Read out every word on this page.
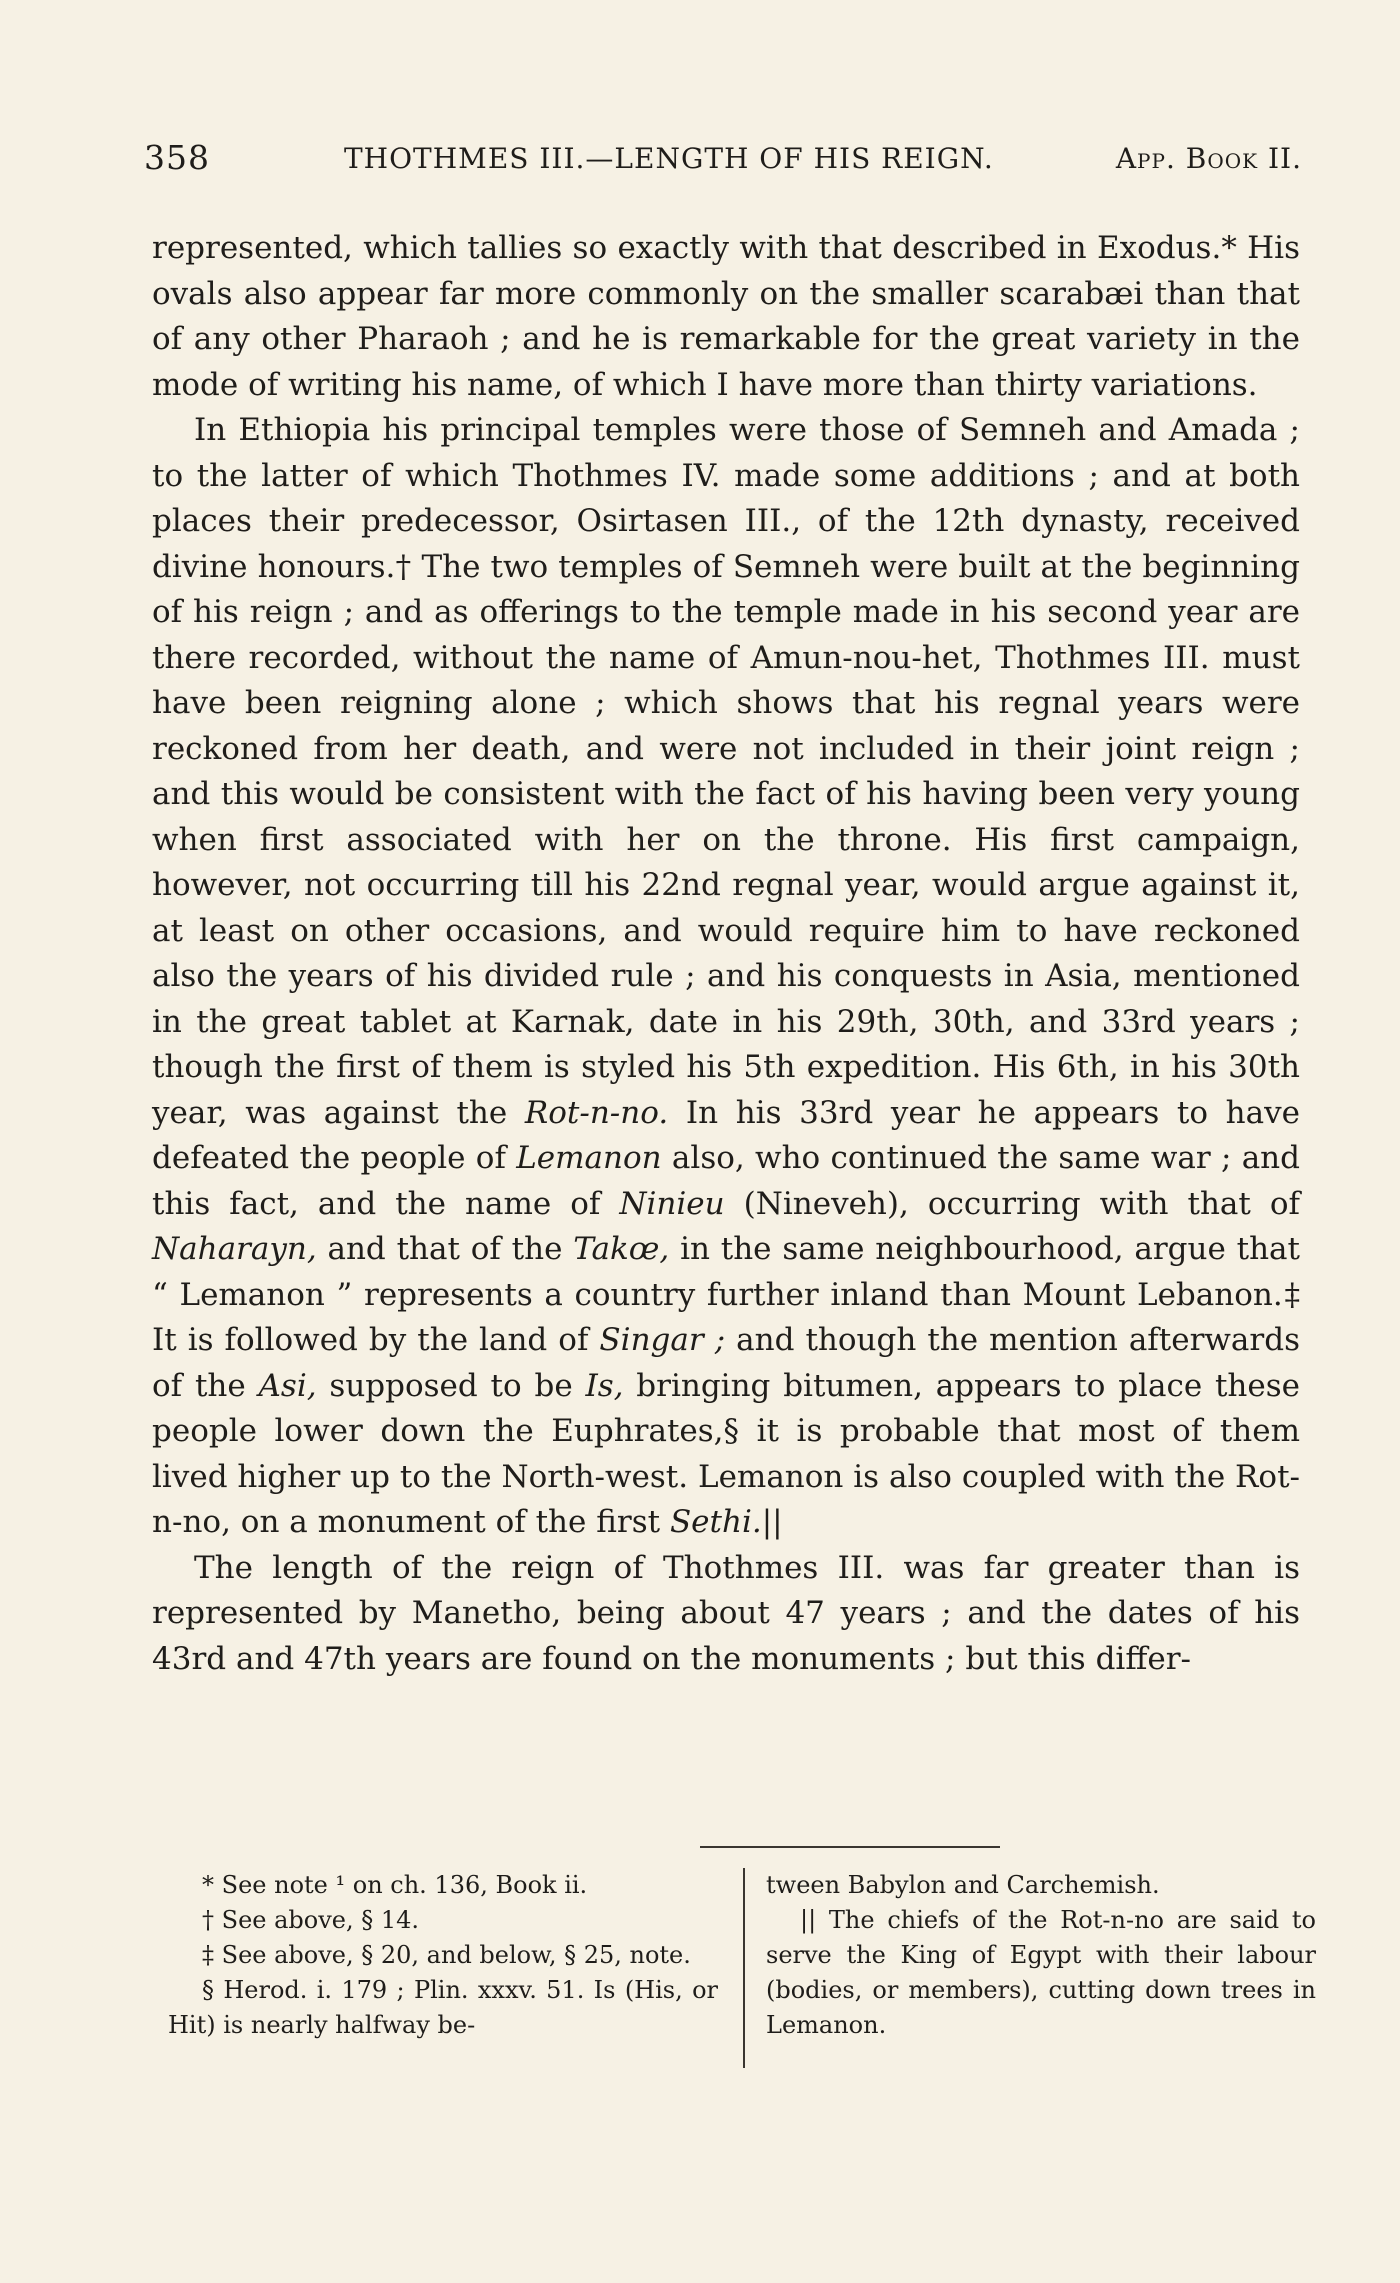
358	THOTHMES III.—LENGTH OF HIS REIGN.	App. Book II.

represented, which tallies so exactly with that described in Exodus.* His ovals also appear far more commonly on the smaller scarabæi than that of any other Pharaoh ; and he is remarkable for the great variety in the mode of writing his name, of which I have more than thirty variations.

In Ethiopia his principal temples were those of Semneh and Amada ; to the latter of which Thothmes IV. made some additions ; and at both places their predecessor, Osirtasen III., of the 12th dynasty, received divine honours.† The two temples of Semneh were built at the beginning of his reign ; and as offerings to the temple made in his second year are there recorded, without the name of Amun-nou-het, Thothmes III. must have been reigning alone ; which shows that his regnal years were reckoned from her death, and were not included in their joint reign ; and this would be consistent with the fact of his having been very young when first associated with her on the throne. His first campaign, however, not occurring till his 22nd regnal year, would argue against it, at least on other occasions, and would require him to have reckoned also the years of his divided rule ; and his conquests in Asia, mentioned in the great tablet at Karnak, date in his 29th, 30th, and 33rd years ; though the first of them is styled his 5th expedition. His 6th, in his 30th year, was against the Rot-n-no. In his 33rd year he appears to have defeated the people of Lemanon also, who continued the same war ; and this fact, and the name of Ninieu (Nineveh), occurring with that of Naharayn, and that of the Takœ, in the same neighbourhood, argue that “ Lemanon ” represents a country further inland than Mount Lebanon.‡ It is followed by the land of Singar ; and though the mention afterwards of the Asi, supposed to be Is, bringing bitumen, appears to place these people lower down the Euphrates,§ it is probable that most of them lived higher up to the North-west. Lemanon is also coupled with the Rot-n-no, on a monument of the first Sethi.||

The length of the reign of Thothmes III. was far greater than is represented by Manetho, being about 47 years ; and the dates of his 43rd and 47th years are found on the monuments ; but this differ-

* See note ¹ on ch. 136, Book ii.

† See above, § 14.

‡ See above, § 20, and below, § 25, note.

§ Herod. i. 179 ; Plin. xxxv. 51. Is (His, or Hit) is nearly halfway be-

tween Babylon and Carchemish.

|| The chiefs of the Rot-n-no are said to serve the King of Egypt with their labour (bodies, or members), cutting down trees in Lemanon.
